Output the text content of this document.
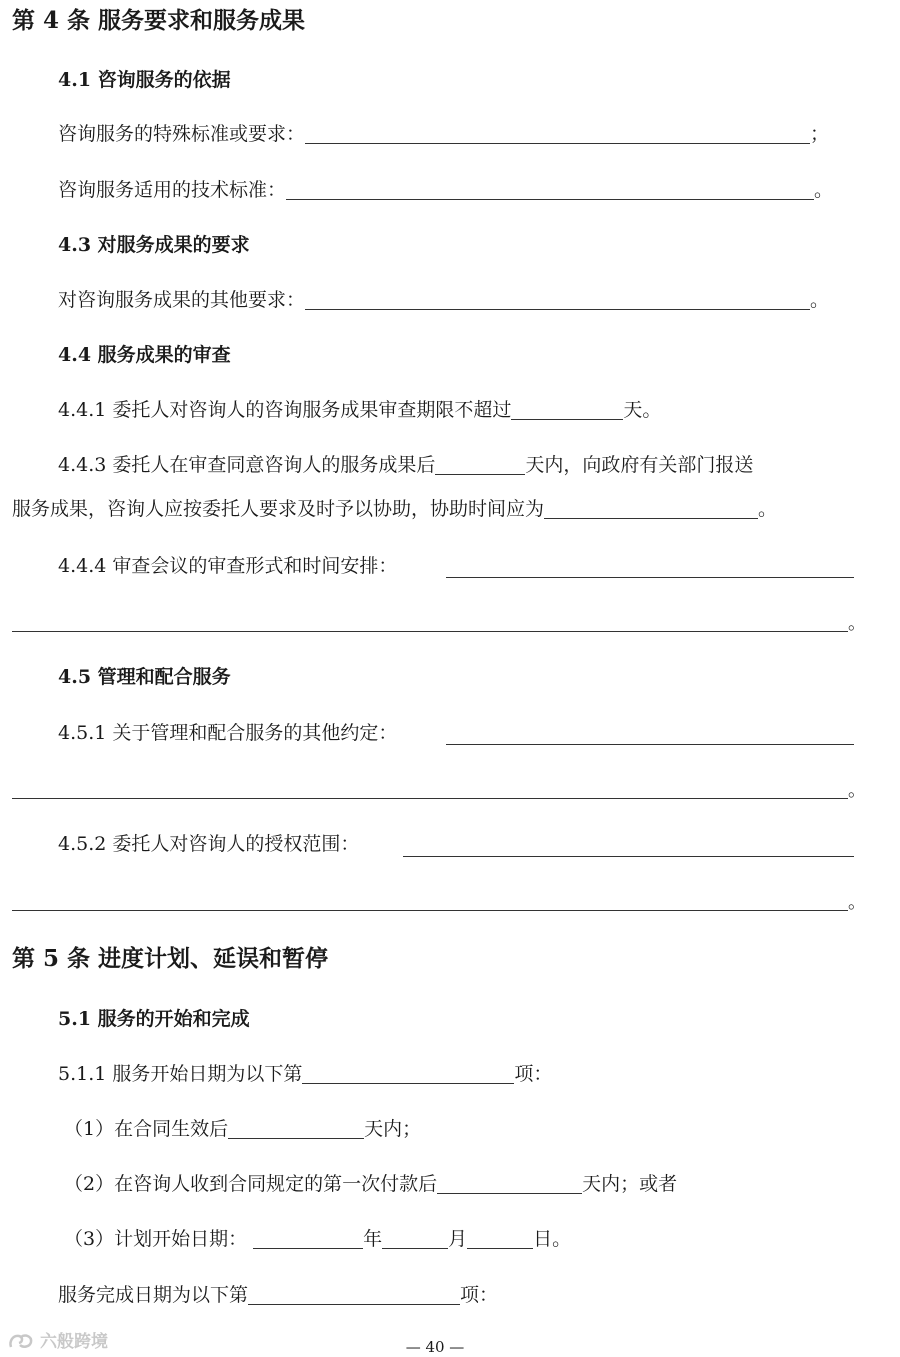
第 4 条 服务要求和服务成果
4.1 咨询服务的依据
咨询服务的特殊标准或要求：	；
咨询服务适用的技术标准：	。
4.3 对服务成果的要求
对咨询服务成果的其他要求：	。
4.4 服务成果的审查
4.4.1 委托人对咨询人的咨询服务成果审查期限不超过	天。
4.4.3 委托人在审查同意咨询人的服务成果后	天内，向政府有关部门报送
服务成果，咨询人应按委托人要求及时予以协助，协助时间应为	。
4.4.4 审查会议的审查形式和时间安排：
。
4.5 管理和配合服务
4.5.1 关于管理和配合服务的其他约定：
。
4.5.2 委托人对咨询人的授权范围：
。
第 5 条 进度计划、延误和暂停
5.1 服务的开始和完成
5.1.1 服务开始日期为以下第	项：
（1）在合同生效后	天内；
（2）在咨询人收到合同规定的第一次付款后	天内；或者
（3）计划开始日期：	年	月	日。
服务完成日期为以下第	项：
六般跨境	— 40 —
